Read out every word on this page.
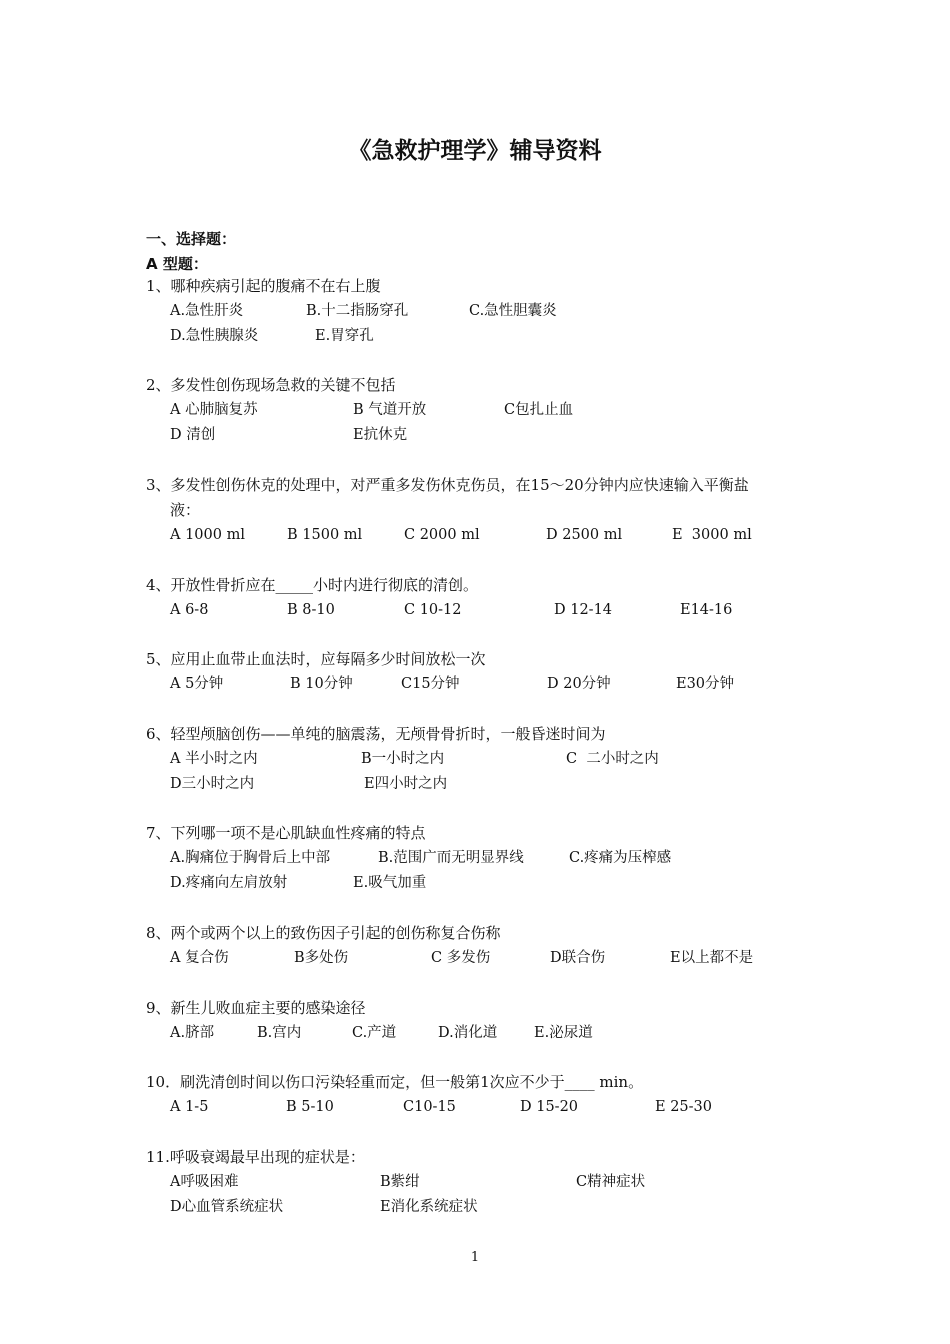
《急救护理学》辅导资料
一、选择题：
A 型题：
1、哪种疾病引起的腹痛不在右上腹
A.急性肝炎	B.十二指肠穿孔	C.急性胆囊炎
D.急性胰腺炎	E.胃穿孔
2、多发性创伤现场急救的关键不包括
A 心肺脑复苏	B 气道开放	C包扎止血
D 清创	E抗休克
3、多发性创伤休克的处理中，对严重多发伤休克伤员，在15～20分钟内应快速输入平衡盐
液：
A 1000 ml	B 1500 ml	C 2000 ml	D 2500 ml	E  3000 ml
4、开放性骨折应在_____小时内进行彻底的清创。
A 6-8	B 8-10	C 10-12	D 12-14	E14-16
5、应用止血带止血法时，应每隔多少时间放松一次
A 5分钟	B 10分钟	C15分钟	D 20分钟	E30分钟
6、轻型颅脑创伤——单纯的脑震荡，无颅骨骨折时，一般昏迷时间为
A 半小时之内	B一小时之内	C  二小时之内
D三小时之内	E四小时之内
7、下列哪一项不是心肌缺血性疼痛的特点
A.胸痛位于胸骨后上中部	B.范围广而无明显界线	C.疼痛为压榨感
D.疼痛向左肩放射	E.吸气加重
8、两个或两个以上的致伤因子引起的创伤称复合伤称
A 复合伤	B多处伤	C 多发伤	D联合伤	E以上都不是
9、新生儿败血症主要的感染途径
A.脐部	B.宫内	C.产道	D.消化道	E.泌尿道
10．刷洗清创时间以伤口污染轻重而定，但一般第1次应不少于____ min。
A 1-5	B 5-10	C10-15	D 15-20	E 25-30
11.呼吸衰竭最早出现的症状是：
A呼吸困难	B紫绀	C精神症状
D心血管系统症状	E消化系统症状
1
